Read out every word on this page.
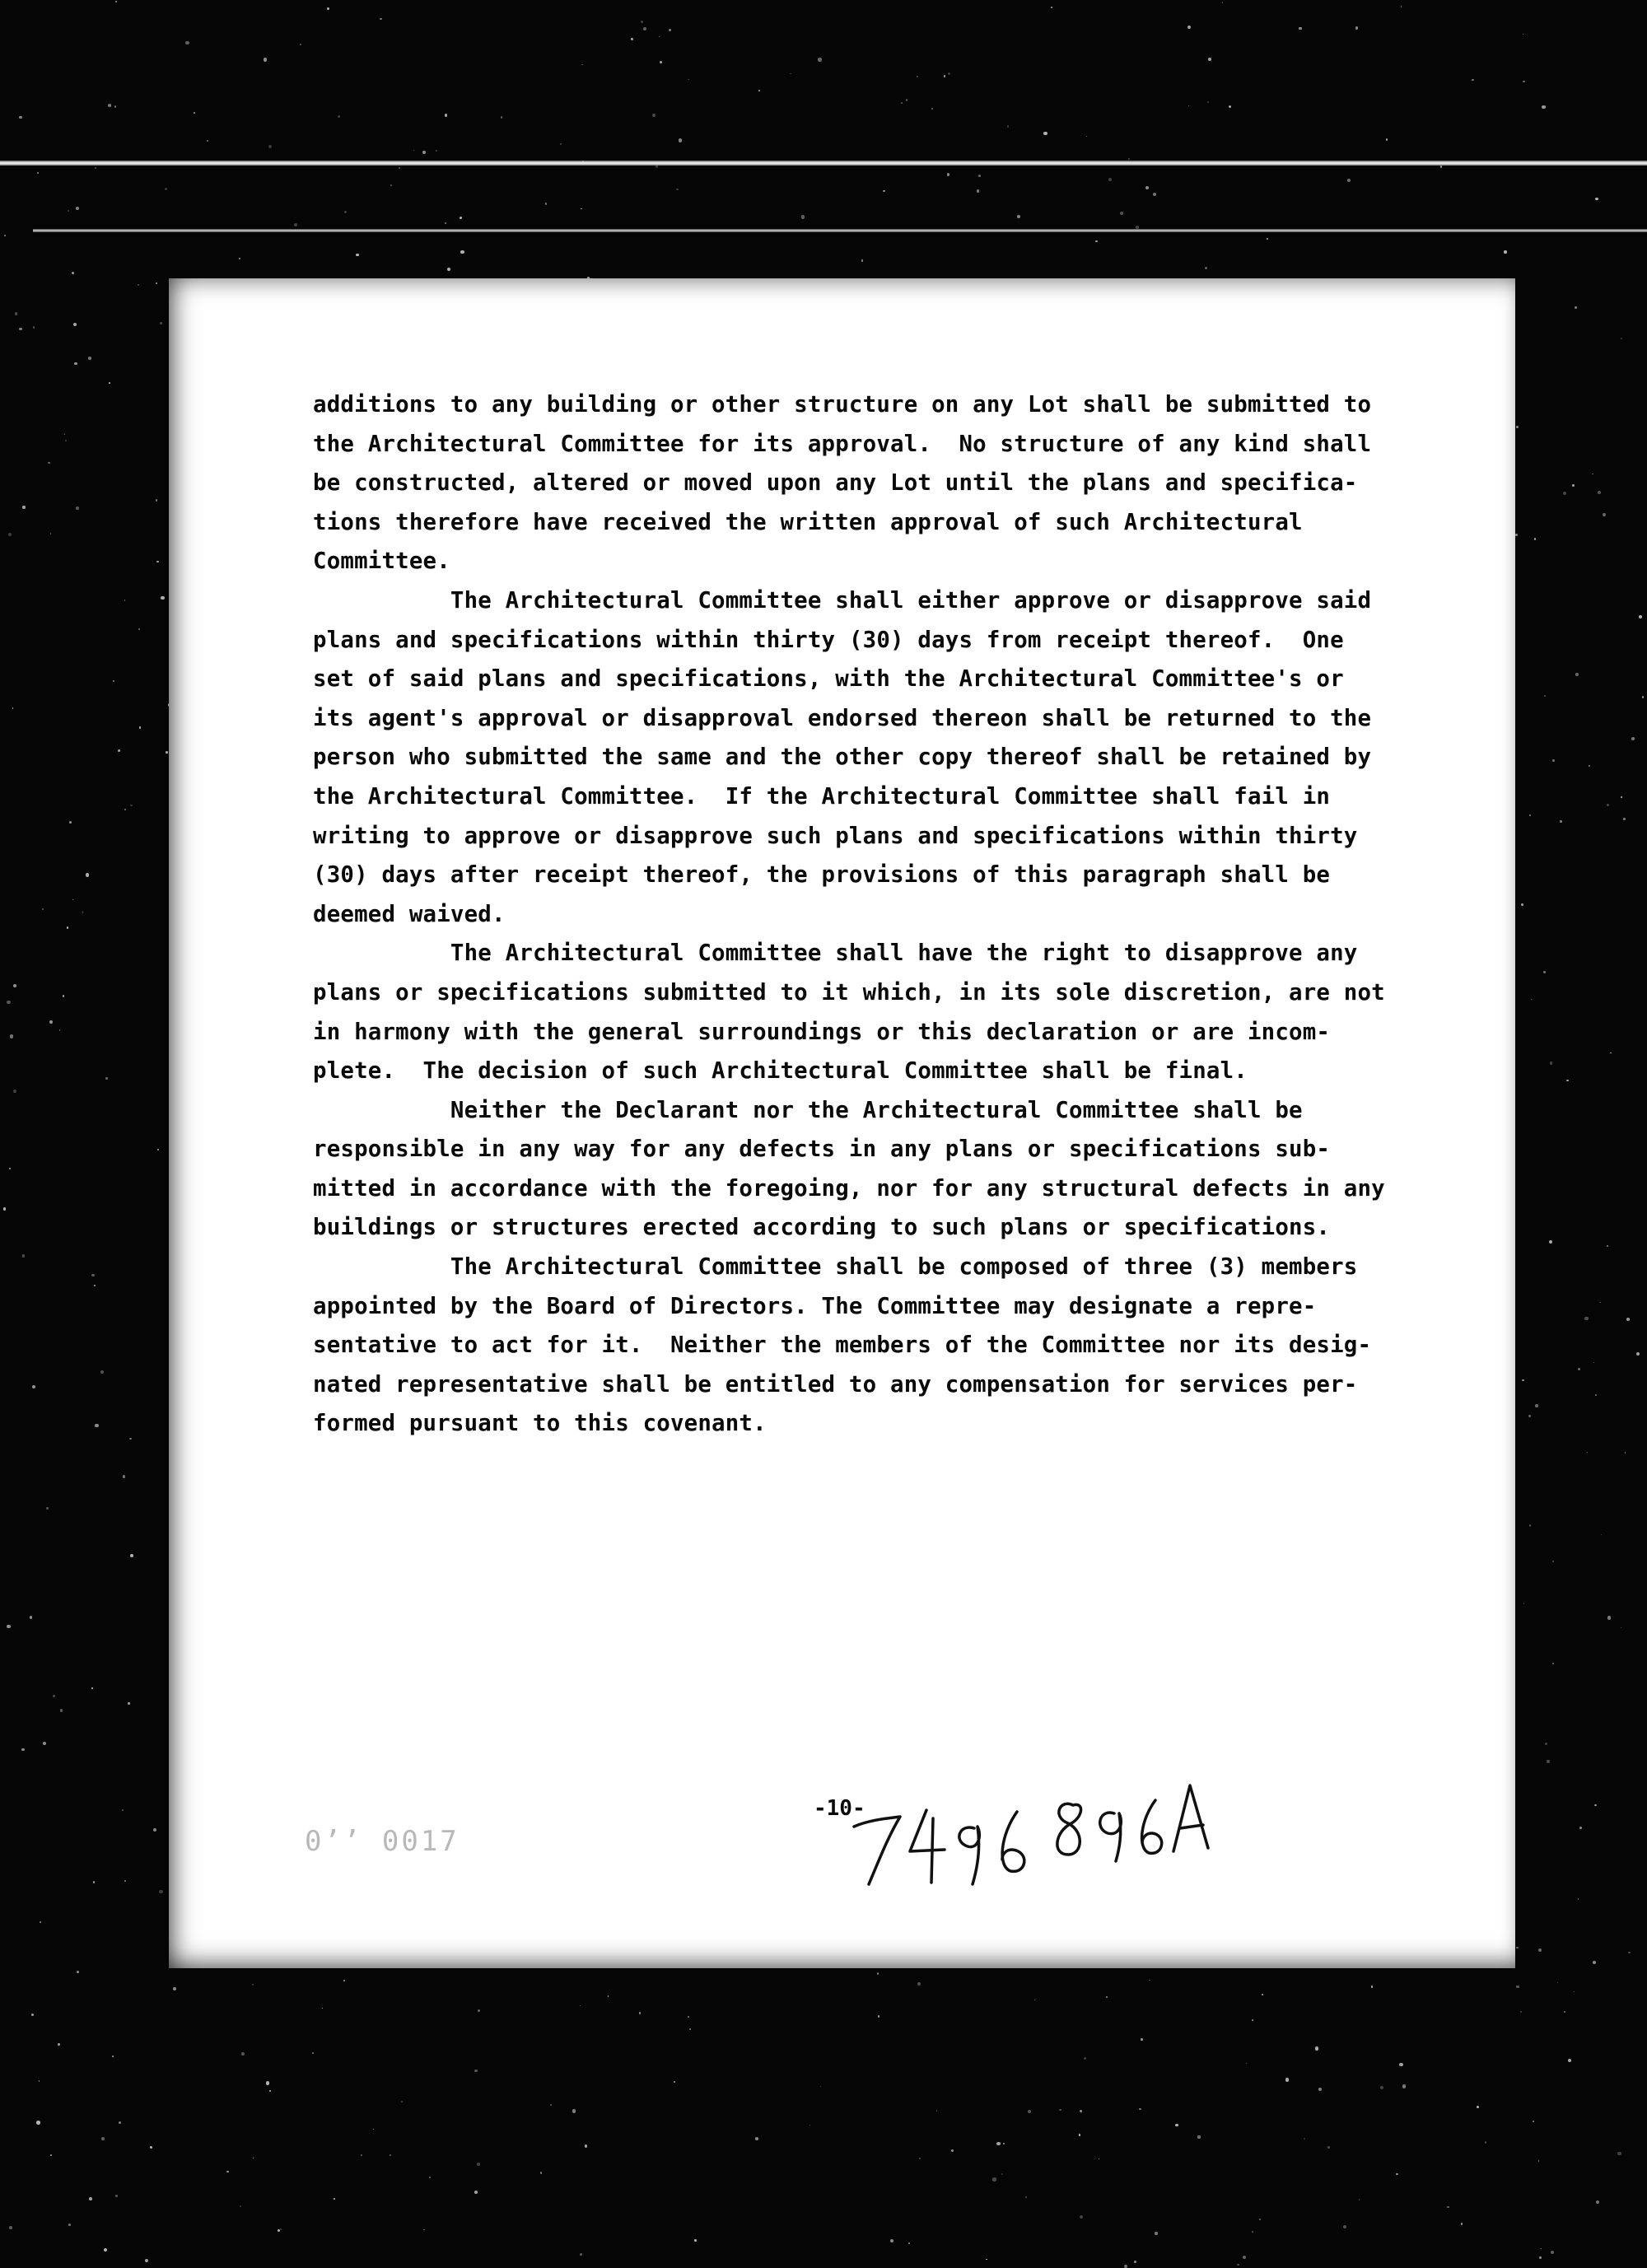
additions to any building or other structure on any Lot shall be submitted to
the Architectural Committee for its approval.  No structure of any kind shall
be constructed, altered or moved upon any Lot until the plans and specifica-
tions therefore have received the written approval of such Architectural
Committee.
The Architectural Committee shall either approve or disapprove said
plans and specifications within thirty (30) days from receipt thereof.  One
set of said plans and specifications, with the Architectural Committee's or
its agent's approval or disapproval endorsed thereon shall be returned to the
person who submitted the same and the other copy thereof shall be retained by
the Architectural Committee.  If the Architectural Committee shall fail in
writing to approve or disapprove such plans and specifications within thirty
(30) days after receipt thereof, the provisions of this paragraph shall be
deemed waived.
The Architectural Committee shall have the right to disapprove any
plans or specifications submitted to it which, in its sole discretion, are not
in harmony with the general surroundings or this declaration or are incom-
plete.  The decision of such Architectural Committee shall be final.
Neither the Declarant nor the Architectural Committee shall be
responsible in any way for any defects in any plans or specifications sub-
mitted in accordance with the foregoing, nor for any structural defects in any
buildings or structures erected according to such plans or specifications.
The Architectural Committee shall be composed of three (3) members
appointed by the Board of Directors. The Committee may designate a repre-
sentative to act for it.  Neither the members of the Committee nor its desig-
nated representative shall be entitled to any compensation for services per-
formed pursuant to this covenant.
0’’ 0017
-10-
